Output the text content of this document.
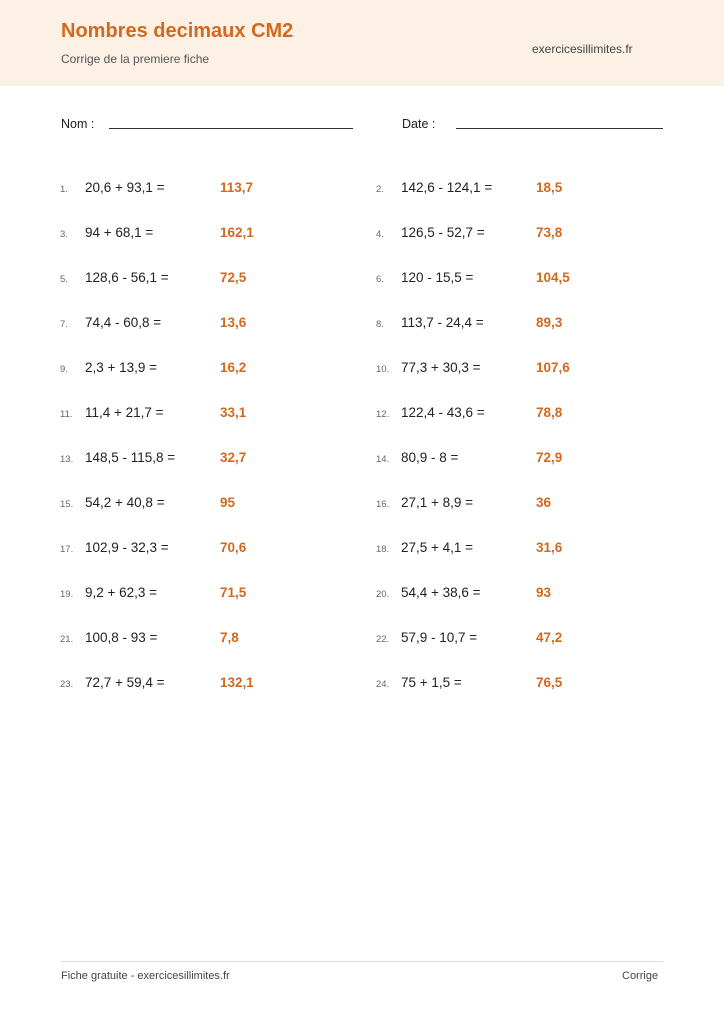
Nombres decimaux CM2
Corrige de la premiere fiche
exercicesillimites.fr
Nom :	Date :
1. 20,6 + 93,1 =	113,7	2. 142,6 - 124,1 =	18,5
3. 94 + 68,1 =	162,1	4. 126,5 - 52,7 =	73,8
5. 128,6 - 56,1 =	72,5	6. 120 - 15,5 =	104,5
7. 74,4 - 60,8 =	13,6	8. 113,7 - 24,4 =	89,3
9. 2,3 + 13,9 =	16,2	10. 77,3 + 30,3 =	107,6
11. 11,4 + 21,7 =	33,1	12. 122,4 - 43,6 =	78,8
13. 148,5 - 115,8 =	32,7	14. 80,9 - 8 =	72,9
15. 54,2 + 40,8 =	95	16. 27,1 + 8,9 =	36
17. 102,9 - 32,3 =	70,6	18. 27,5 + 4,1 =	31,6
19. 9,2 + 62,3 =	71,5	20. 54,4 + 38,6 =	93
21. 100,8 - 93 =	7,8	22. 57,9 - 10,7 =	47,2
23. 72,7 + 59,4 =	132,1	24. 75 + 1,5 =	76,5
Fiche gratuite - exercicesillimites.fr	Corrige
